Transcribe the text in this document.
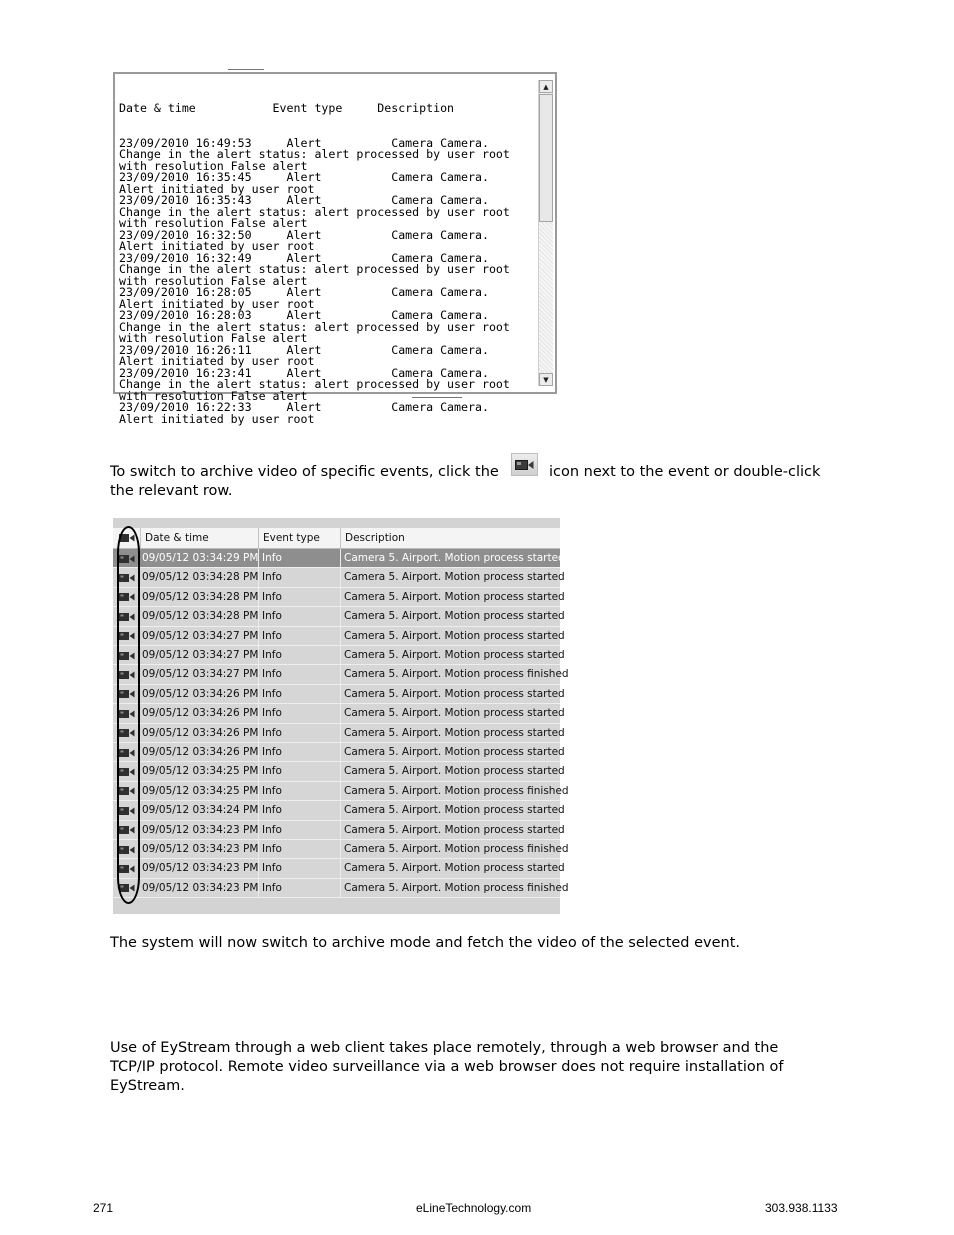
Date & time           Event type     Description

23/09/2010 16:49:53     Alert          Camera Camera.
Change in the alert status: alert processed by user root
with resolution False alert
23/09/2010 16:35:45     Alert          Camera Camera.
Alert initiated by user root
23/09/2010 16:35:43     Alert          Camera Camera.
Change in the alert status: alert processed by user root
with resolution False alert
23/09/2010 16:32:50     Alert          Camera Camera.
Alert initiated by user root
23/09/2010 16:32:49     Alert          Camera Camera.
Change in the alert status: alert processed by user root
with resolution False alert
23/09/2010 16:28:05     Alert          Camera Camera.
Alert initiated by user root
23/09/2010 16:28:03     Alert          Camera Camera.
Change in the alert status: alert processed by user root
with resolution False alert
23/09/2010 16:26:11     Alert          Camera Camera.
Alert initiated by user root
23/09/2010 16:23:41     Alert          Camera Camera.
Change in the alert status: alert processed by user root
with resolution False alert
23/09/2010 16:22:33     Alert          Camera Camera.
Alert initiated by user root

▲
▼
To switch to archive video of specific events, click the	icon next to the event or double-click
the relevant row.
Date & time	Event type	Description
09/05/12 03:34:29 PM Info	Camera 5. Airport. Motion process started
09/05/12 03:34:28 PM Info	Camera 5. Airport. Motion process started
09/05/12 03:34:28 PM Info	Camera 5. Airport. Motion process started
09/05/12 03:34:28 PM Info	Camera 5. Airport. Motion process started
09/05/12 03:34:27 PM Info	Camera 5. Airport. Motion process started
09/05/12 03:34:27 PM Info	Camera 5. Airport. Motion process started
09/05/12 03:34:27 PM Info	Camera 5. Airport. Motion process finished
09/05/12 03:34:26 PM Info	Camera 5. Airport. Motion process started
09/05/12 03:34:26 PM Info	Camera 5. Airport. Motion process started
09/05/12 03:34:26 PM Info	Camera 5. Airport. Motion process started
09/05/12 03:34:26 PM Info	Camera 5. Airport. Motion process started
09/05/12 03:34:25 PM Info	Camera 5. Airport. Motion process started
09/05/12 03:34:25 PM Info	Camera 5. Airport. Motion process finished
09/05/12 03:34:24 PM Info	Camera 5. Airport. Motion process started
09/05/12 03:34:23 PM Info	Camera 5. Airport. Motion process started
09/05/12 03:34:23 PM Info	Camera 5. Airport. Motion process finished
09/05/12 03:34:23 PM Info	Camera 5. Airport. Motion process started
09/05/12 03:34:23 PM Info	Camera 5. Airport. Motion process finished
The system will now switch to archive mode and fetch the video of the selected event.
Use of EyStream through a web client takes place remotely, through a web browser and the
TCP/IP protocol. Remote video surveillance via a web browser does not require installation of
EyStream.
271	eLineTechnology.com	303.938.1133
